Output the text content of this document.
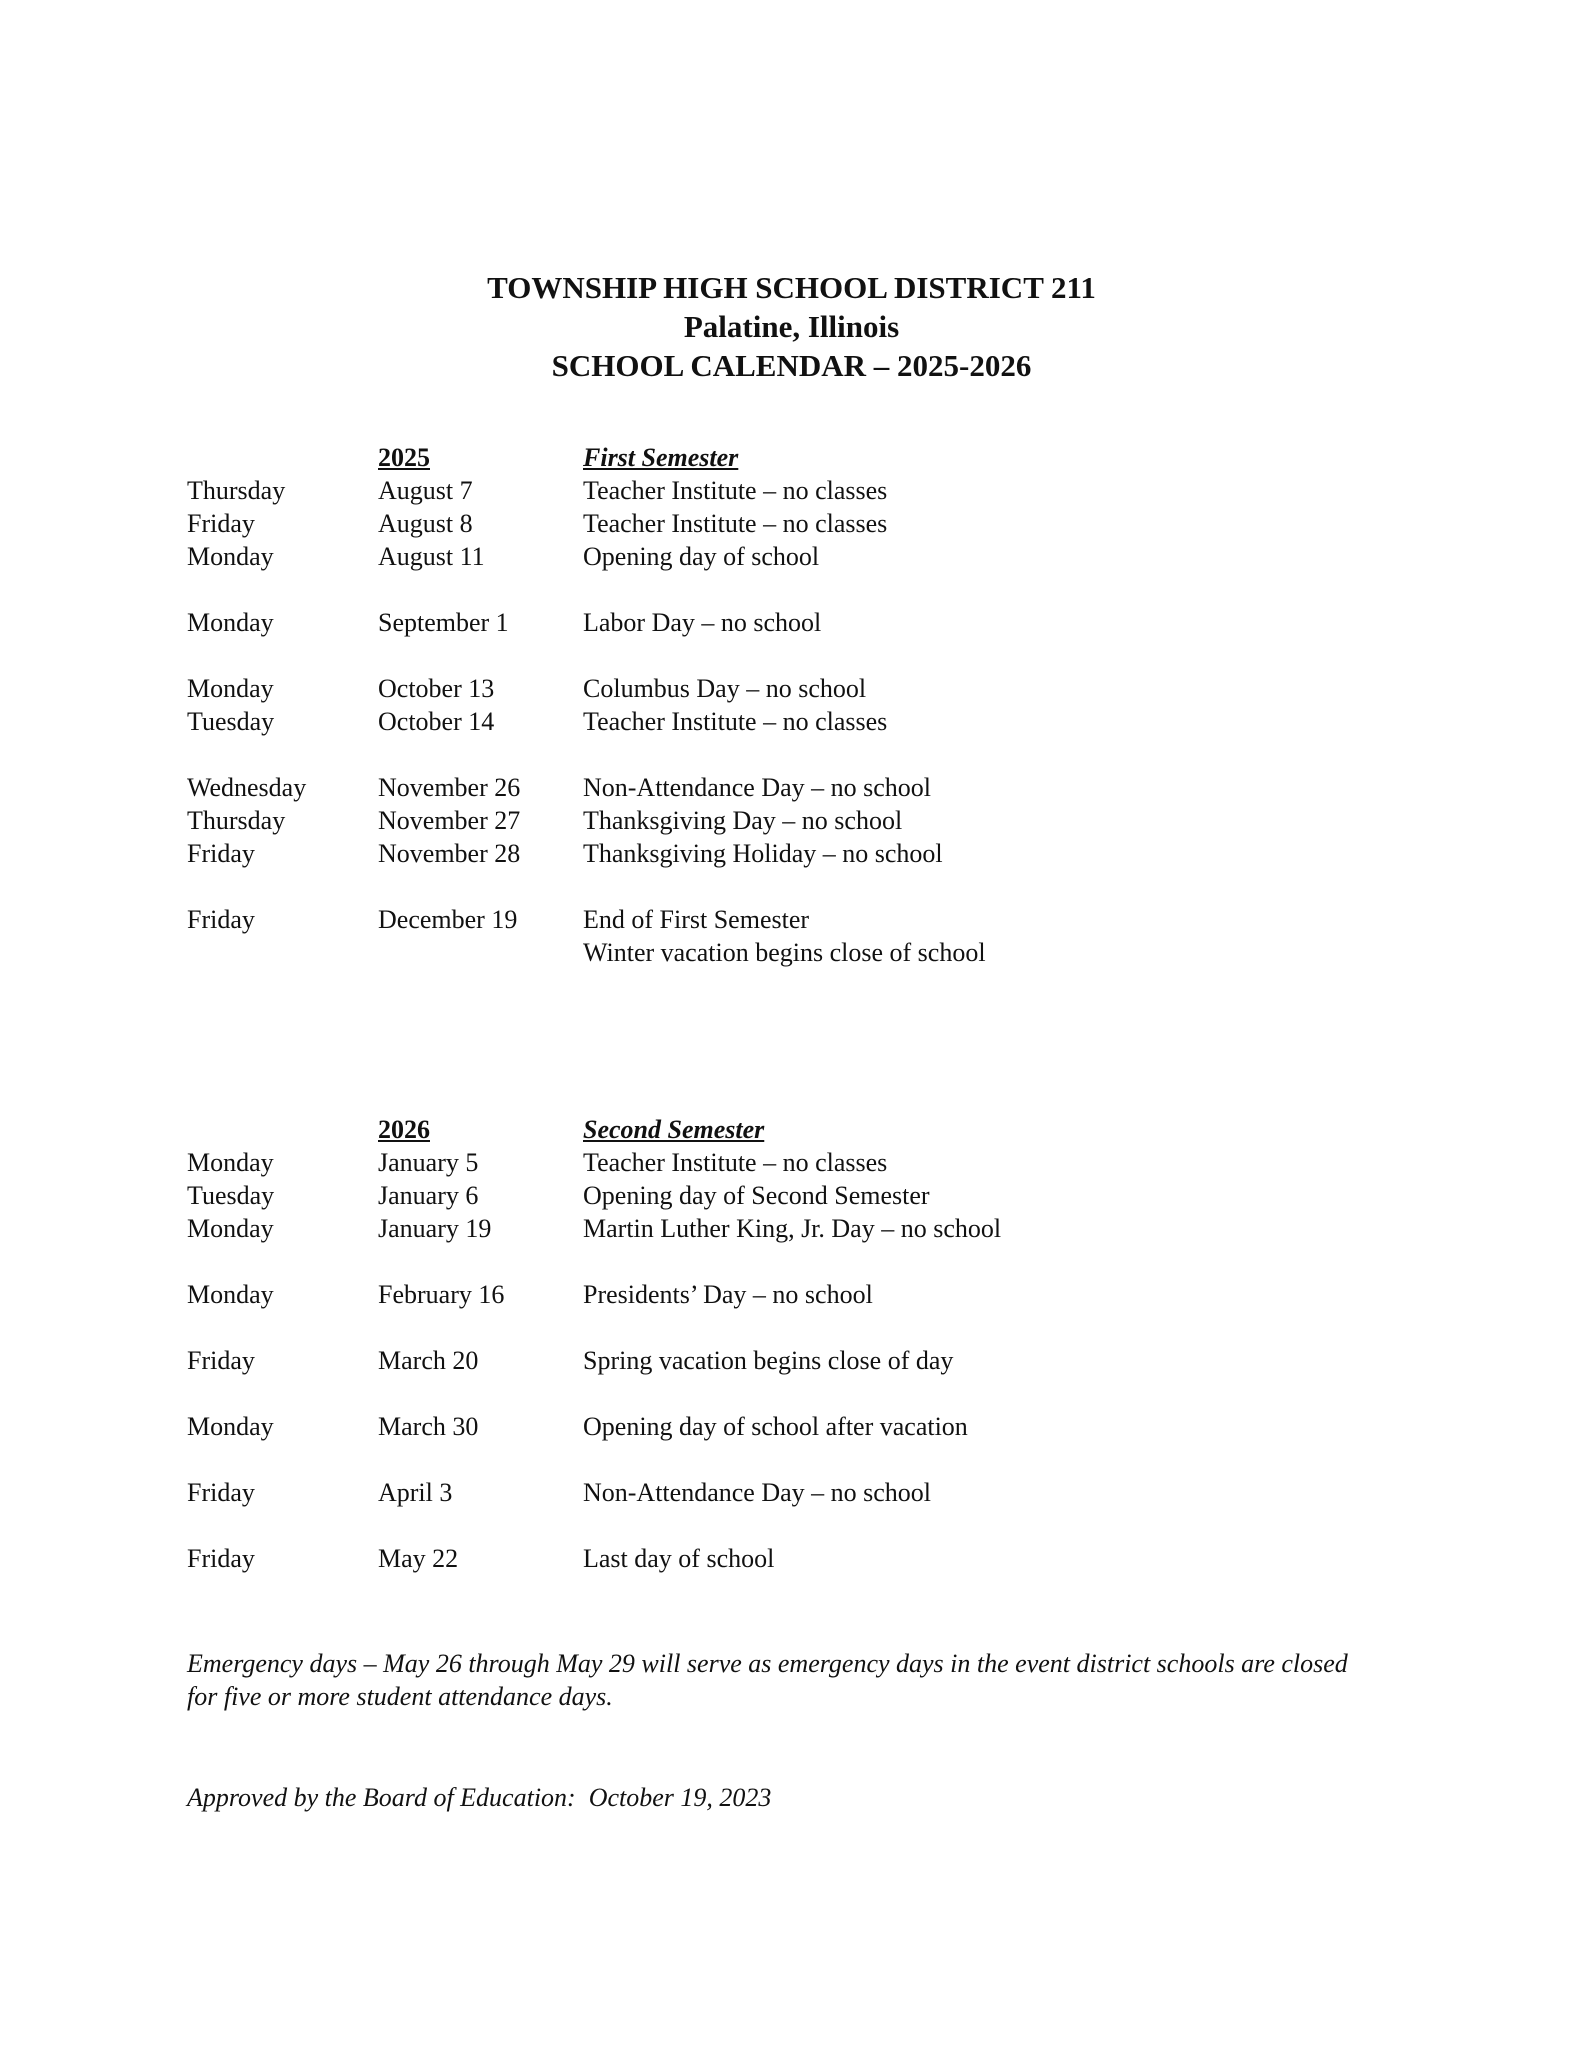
TOWNSHIP HIGH SCHOOL DISTRICT 211
Palatine, Illinois
SCHOOL CALENDAR – 2025-2026
2025	First Semester
Thursday	August 7	Teacher Institute – no classes
Friday	August 8	Teacher Institute – no classes
Monday	August 11	Opening day of school
Monday	September 1	Labor Day – no school
Monday	October 13	Columbus Day – no school
Tuesday	October 14	Teacher Institute – no classes
Wednesday	November 26	Non-Attendance Day – no school
Thursday	November 27	Thanksgiving Day – no school
Friday	November 28	Thanksgiving Holiday – no school
Friday	December 19	End of First Semester
Winter vacation begins close of school
2026	Second Semester
Monday	January 5	Teacher Institute – no classes
Tuesday	January 6	Opening day of Second Semester
Monday	January 19	Martin Luther King, Jr. Day – no school
Monday	February 16	Presidents’ Day – no school
Friday	March 20	Spring vacation begins close of day
Monday	March 30	Opening day of school after vacation
Friday	April 3	Non-Attendance Day – no school
Friday	May 22	Last day of school

Emergency days – May 26 through May 29 will serve as emergency days in the event district schools are closed for five or more student attendance days.

Approved by the Board of Education:  October 19, 2023
